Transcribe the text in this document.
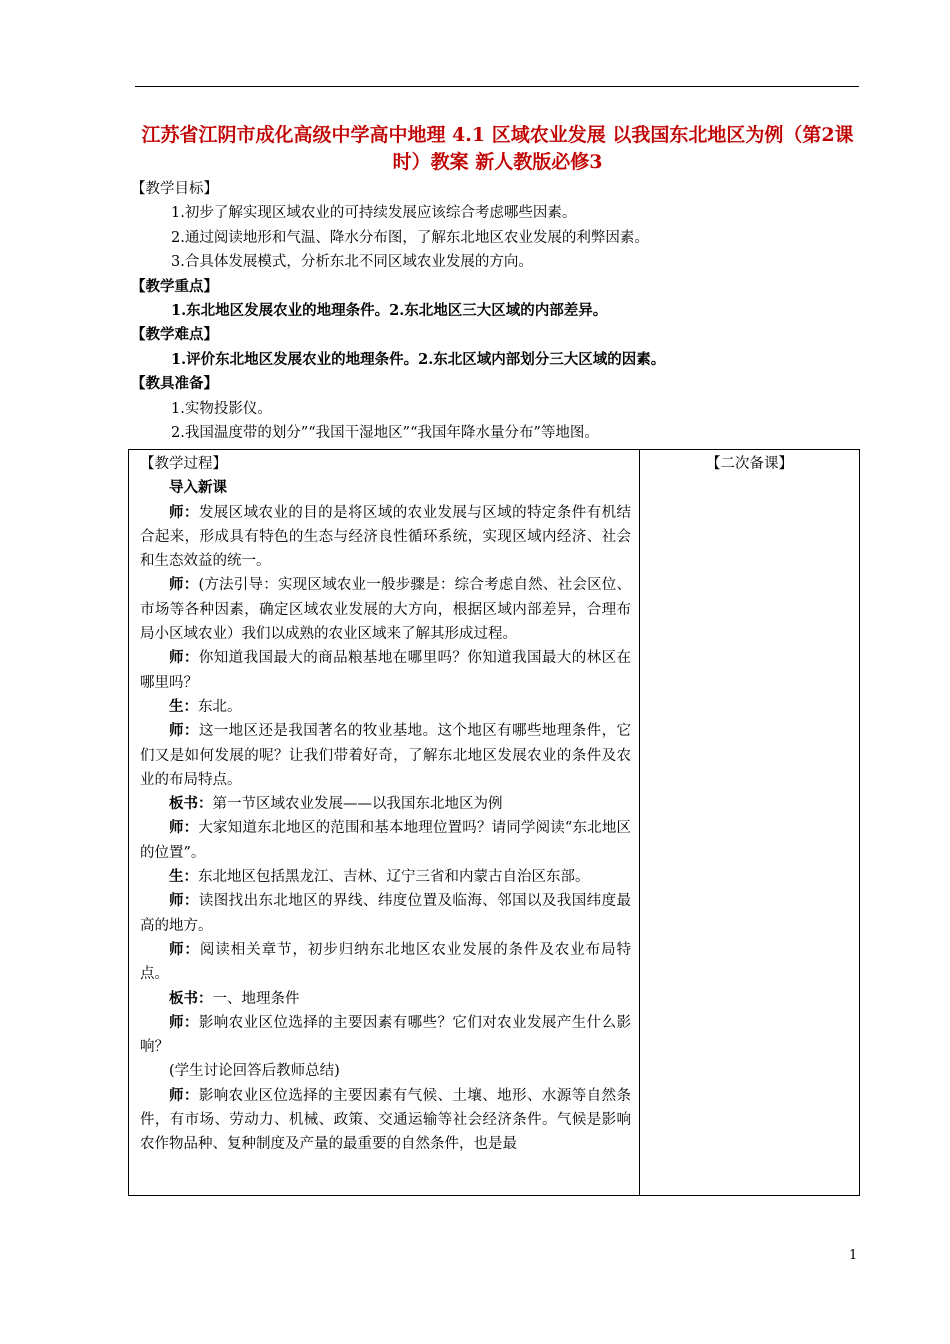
江苏省江阴市成化高级中学高中地理 4.1 区域农业发展 以我国东北地区为例（第2课时）教案 新人教版必修3
【教学目标】
1.初步了解实现区域农业的可持续发展应该综合考虑哪些因素。
2.通过阅读地形和气温、降水分布图，了解东北地区农业发展的利弊因素。
3.合具体发展模式，分析东北不同区域农业发展的方向。
【教学重点】
1.东北地区发展农业的地理条件。2.东北地区三大区域的内部差异。
【教学难点】
1.评价东北地区发展农业的地理条件。2.东北区域内部划分三大区域的因素。
【教具准备】
1.实物投影仪。
2.我国温度带的划分”“我国干湿地区”“我国年降水量分布”等地图。

【教学过程】

导入新课

师：发展区域农业的目的是将区域的农业发展与区域的特定条件有机结合起来，形成具有特色的生态与经济良性循环系统，实现区域内经济、社会和生态效益的统一。

师：(方法引导：实现区域农业一般步骤是：综合考虑自然、社会区位、市场等各种因素，确定区域农业发展的大方向，根据区域内部差异，合理布局小区域农业）我们以成熟的农业区域来了解其形成过程。

师：你知道我国最大的商品粮基地在哪里吗？你知道我国最大的林区在哪里吗？

生：东北。

师：这一地区还是我国著名的牧业基地。这个地区有哪些地理条件，它们又是如何发展的呢？让我们带着好奇，了解东北地区发展农业的条件及农业的布局特点。

板书：第一节区域农业发展——以我国东北地区为例

师：大家知道东北地区的范围和基本地理位置吗？请同学阅读“东北地区的位置”。

生：东北地区包括黑龙江、吉林、辽宁三省和内蒙古自治区东部。

师：读图找出东北地区的界线、纬度位置及临海、邻国以及我国纬度最高的地方。

师：阅读相关章节，初步归纳东北地区农业发展的条件及农业布局特点。

板书：一、地理条件

师：影响农业区位选择的主要因素有哪些？它们对农业发展产生什么影响？

(学生讨论回答后教师总结)

师：影响农业区位选择的主要因素有气候、土壤、地形、水源等自然条件，有市场、劳动力、机械、政策、交通运输等社会经济条件。气候是影响农作物品种、复种制度及产量的最重要的自然条件，也是最

【二次备课】
1
